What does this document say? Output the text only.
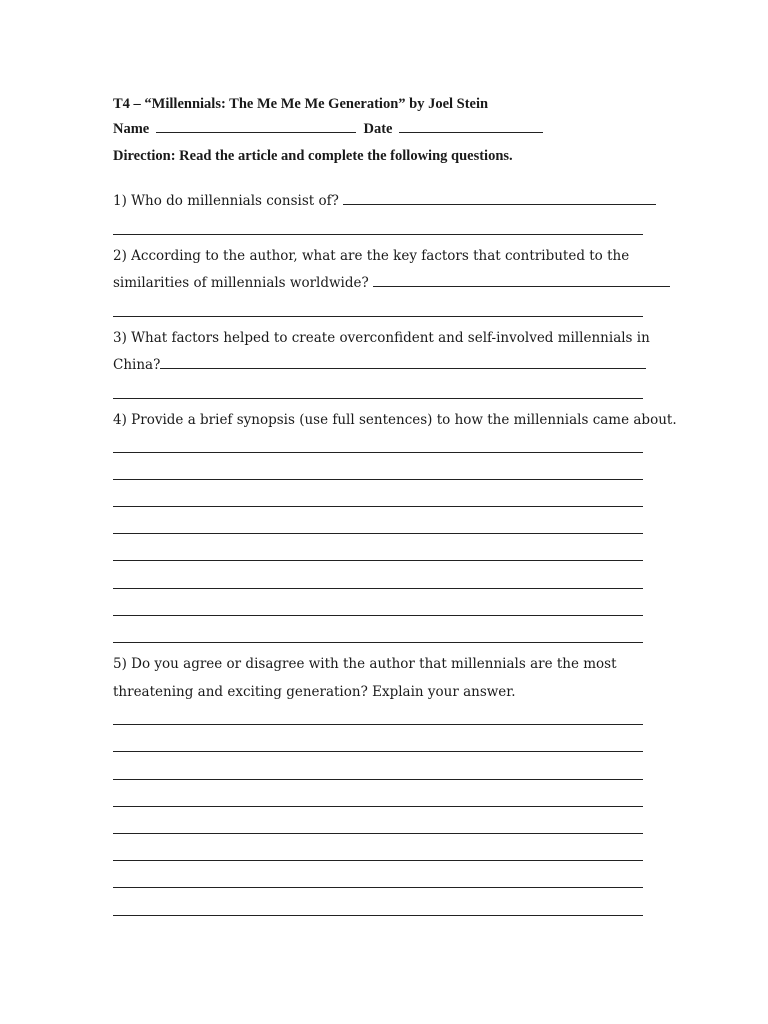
T4 – “Millennials: The Me Me Me Generation” by Joel Stein
Name	Date
Direction: Read the article and complete the following questions.
1) Who do millennials consist of?
2) According to the author, what are the key factors that contributed to the
similarities of millennials worldwide?
3) What factors helped to create overconfident and self-involved millennials in
China?
4) Provide a brief synopsis (use full sentences) to how the millennials came about.
5) Do you agree or disagree with the author that millennials are the most
threatening and exciting generation? Explain your answer.
